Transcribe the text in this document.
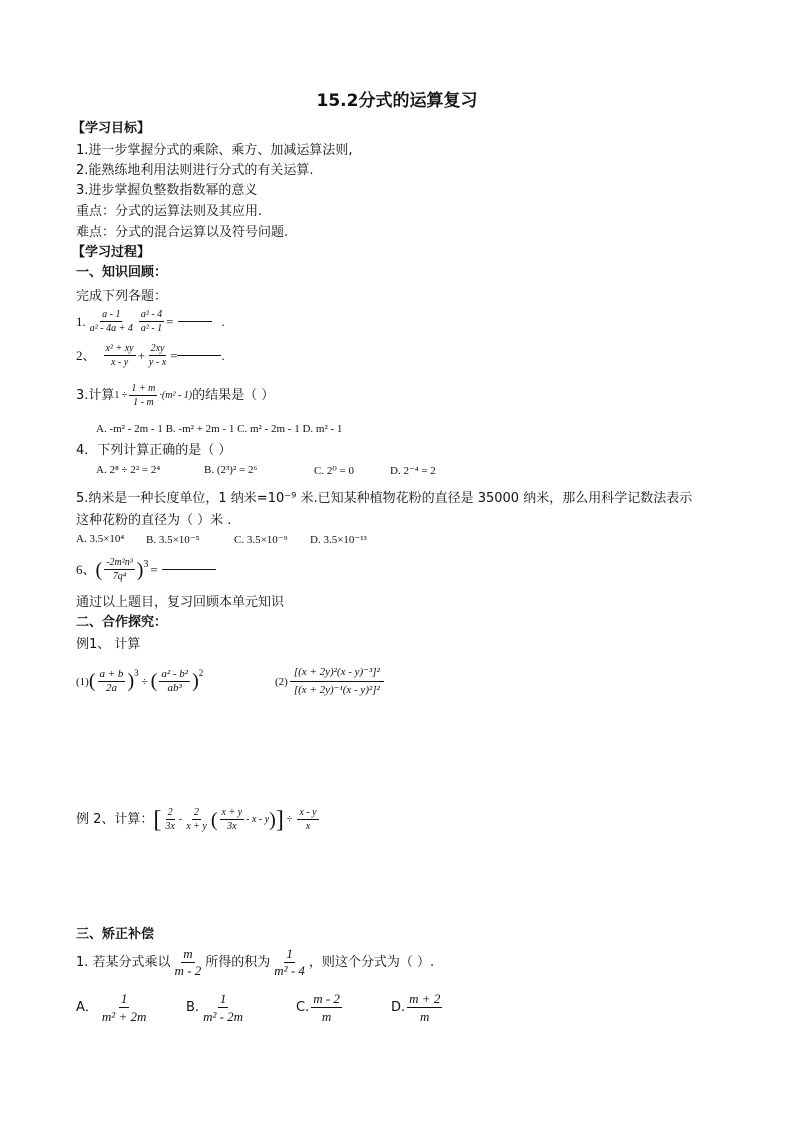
15.2分式的运算复习
【学习目标】
1.进一步掌握分式的乘除、乘方、加减运算法则,
2.能熟练地利用法则进行分式的有关运算.
3.进步掌握负整数指数幂的意义
重点：分式的运算法则及其应用.
难点：分式的混合运算以及符号问题.
【学习过程】
一、知识回顾：
完成下列各题：
1. $\frac{a - 1}{\text{a² - 4a + 4}} \frac{\text{a² - 4}}{\text{a² - 1}}$ =	.
2、 $\frac{\text{x² + xy}}{x - y} + \frac{2xy}{y - x}$ =	.
3.计算 $1 \div \frac{1 + m}{1 - m} \cdot(m^2 - 1)$ 的结果是（ ）
A. -m² - 2m - 1 B. -m² + 2m - 1 C. m² - 2m - 1 D. m² - 1
4．下列计算正确的是（ ）
A. 2⁸ ÷ 2² = 2⁴	B. (2³)² = 2⁶	C. 2⁰ = 0	D. 2⁻⁴ = 2
5.纳米是一种长度单位，1 纳米=10⁻⁹ 米.已知某种植物花粉的直径是 35000 纳米，那么用科学记数法表示
这种花粉的直径为（ ）米 .
A. 3.5×10⁴	B. 3.5×10⁻⁵	C. 3.5×10⁻⁹	D. 3.5×10⁻¹³
6、 ( $\frac{\text{-2m²n³}}{\text{7q⁴}} )^3$ =
通过以上题目，复习回顾本单元知识
二、合作探究：
例1、 计算
(1) ( $\frac{a + b}{2a} )^3$
÷ ( $\frac{\text{a² - b²}}{\text{ab³}} )^2$
$(2) \frac{\text{[(x + 2y)²(x - y)⁻³]²}}{\text{[(x + 2y)⁻¹(x - y)²]²}}$
例 2、计算： [ $\frac{2}{3x} - \frac{2}{x + y}$ ( $\frac{x + y}{3x}$ - x - y ) ] ÷ $\frac{x - y}{x}$
三、矫正补偿
1. 若某分式乘以 $\frac{m}{m - 2}$ 所得的积为 $\frac{1}{\text{m² - 4}}$ ，则这个分式为（ ）.
A． $\frac{1}{\text{m² + 2m}}$	B. $\frac{1}{\text{m² - 2m}}$	C. $\frac{m - 2}{m}$	D. $\frac{m + 2}{m}$
